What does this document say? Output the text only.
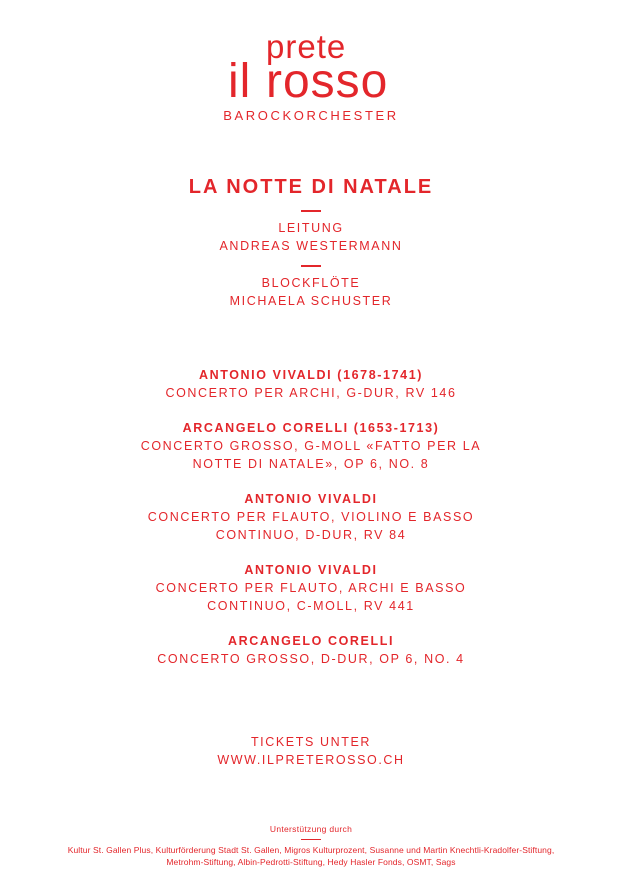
il
prete
rosso
BAROCKORCHESTER
LA NOTTE DI NATALE
LEITUNG
ANDREAS WESTERMANN
BLOCKFLÖTE
MICHAELA SCHUSTER
ANTONIO VIVALDI (1678-1741)
CONCERTO PER ARCHI, G-DUR, RV 146
ARCANGELO CORELLI (1653-1713)
CONCERTO GROSSO, G-MOLL «FATTO PER LA
NOTTE DI NATALE», OP 6, NO. 8
ANTONIO VIVALDI
CONCERTO PER FLAUTO, VIOLINO E BASSO
CONTINUO, D-DUR, RV 84
ANTONIO VIVALDI
CONCERTO PER FLAUTO, ARCHI E BASSO
CONTINUO, C-MOLL, RV 441
ARCANGELO CORELLI
CONCERTO GROSSO, D-DUR, OP 6, NO. 4
TICKETS UNTER
WWW.ILPRETEROSSO.CH
Unterstützung durch
Kultur St. Gallen Plus, Kulturförderung Stadt St. Gallen, Migros Kulturprozent, Susanne und Martin Knechtli-Kradolfer-Stiftung,
Metrohm-Stiftung, Albin-Pedrotti-Stiftung, Hedy Hasler Fonds, OSMT, Sags
